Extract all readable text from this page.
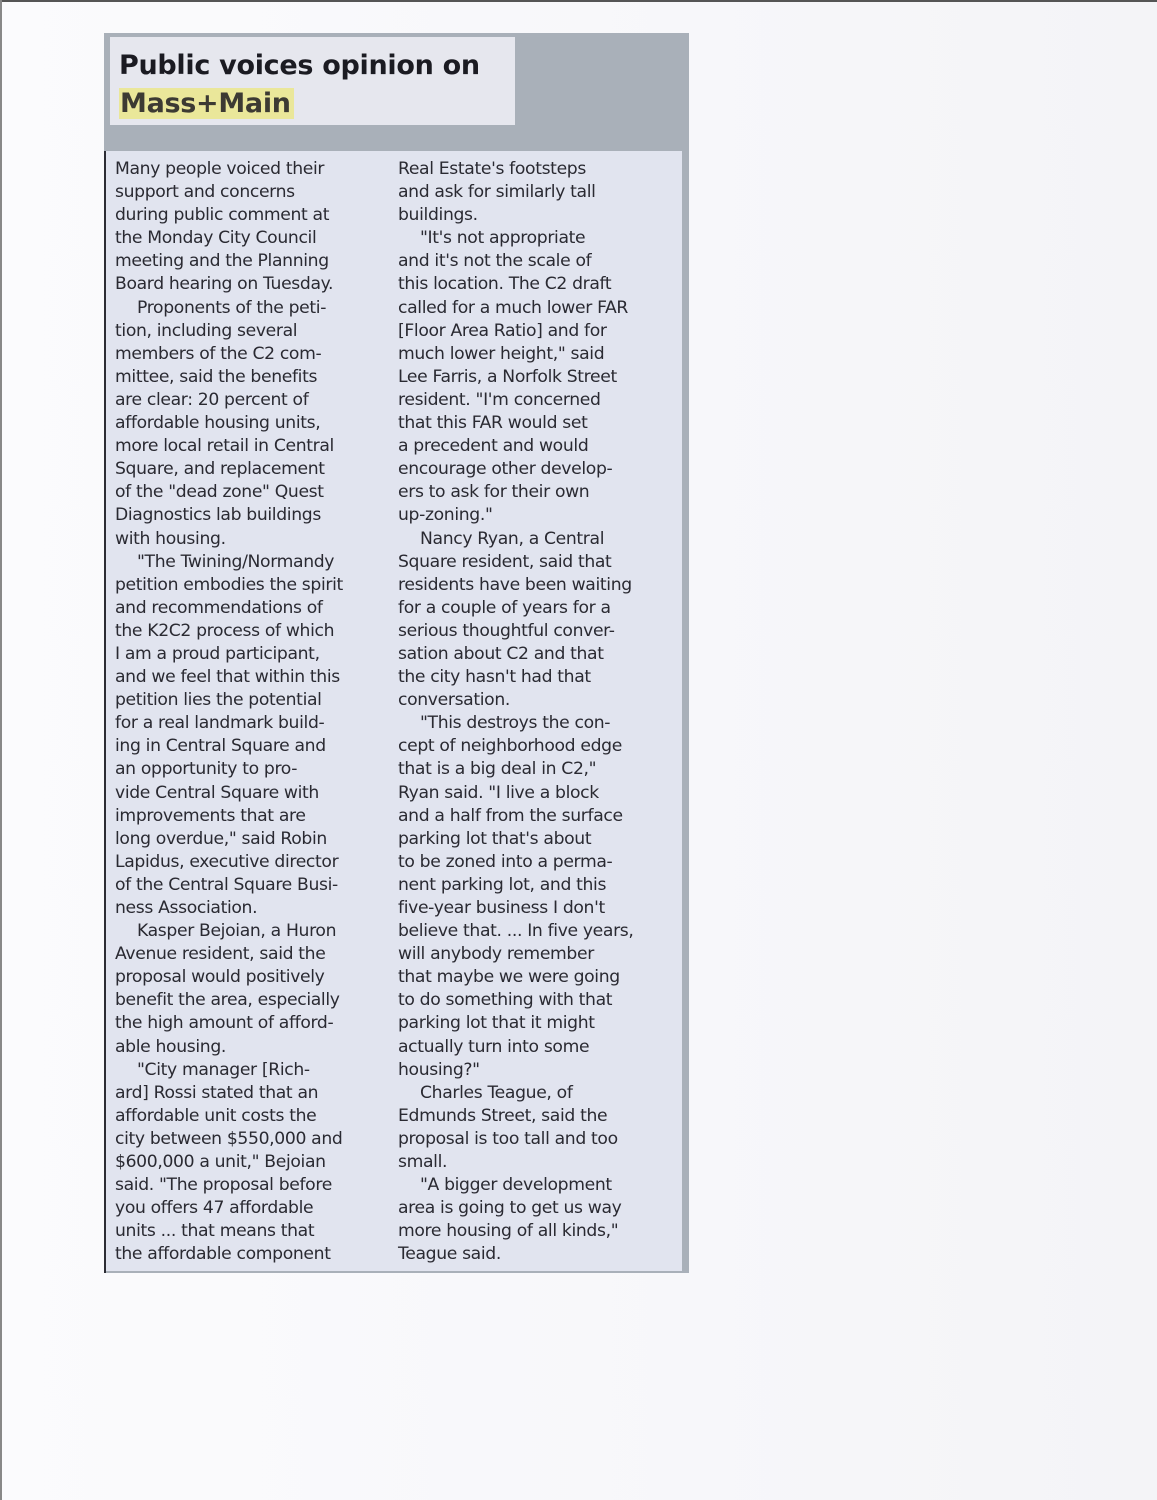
Public voices opinion on
Mass+Main
Many people voiced their
support and concerns
during public comment at
the Monday City Council
meeting and the Planning
Board hearing on Tuesday.
Proponents of the peti-
tion, including several
members of the C2 com-
mittee, said the benefits
are clear: 20 percent of
affordable housing units,
more local retail in Central
Square, and replacement
of the "dead zone" Quest
Diagnostics lab buildings
with housing.
"The Twining/Normandy
petition embodies the spirit
and recommendations of
the K2C2 process of which
I am a proud participant,
and we feel that within this
petition lies the potential
for a real landmark build-
ing in Central Square and
an opportunity to pro-
vide Central Square with
improvements that are
long overdue," said Robin
Lapidus, executive director
of the Central Square Busi-
ness Association.
Kasper Bejoian, a Huron
Avenue resident, said the
proposal would positively
benefit the area, especially
the high amount of afford-
able housing.
"City manager [Rich-
ard] Rossi stated that an
affordable unit costs the
city between $550,000 and
$600,000 a unit," Bejoian
said. "The proposal before
you offers 47 affordable
units ... that means that
the affordable component
Real Estate's footsteps
and ask for similarly tall
buildings.
"It's not appropriate
and it's not the scale of
this location. The C2 draft
called for a much lower FAR
[Floor Area Ratio] and for
much lower height," said
Lee Farris, a Norfolk Street
resident. "I'm concerned
that this FAR would set
a precedent and would
encourage other develop-
ers to ask for their own
up-zoning."
Nancy Ryan, a Central
Square resident, said that
residents have been waiting
for a couple of years for a
serious thoughtful conver-
sation about C2 and that
the city hasn't had that
conversation.
"This destroys the con-
cept of neighborhood edge
that is a big deal in C2,"
Ryan said. "I live a block
and a half from the surface
parking lot that's about
to be zoned into a perma-
nent parking lot, and this
five-year business I don't
believe that. ... In five years,
will anybody remember
that maybe we were going
to do something with that
parking lot that it might
actually turn into some
housing?"
Charles Teague, of
Edmunds Street, said the
proposal is too tall and too
small.
"A bigger development
area is going to get us way
more housing of all kinds,"
Teague said.
